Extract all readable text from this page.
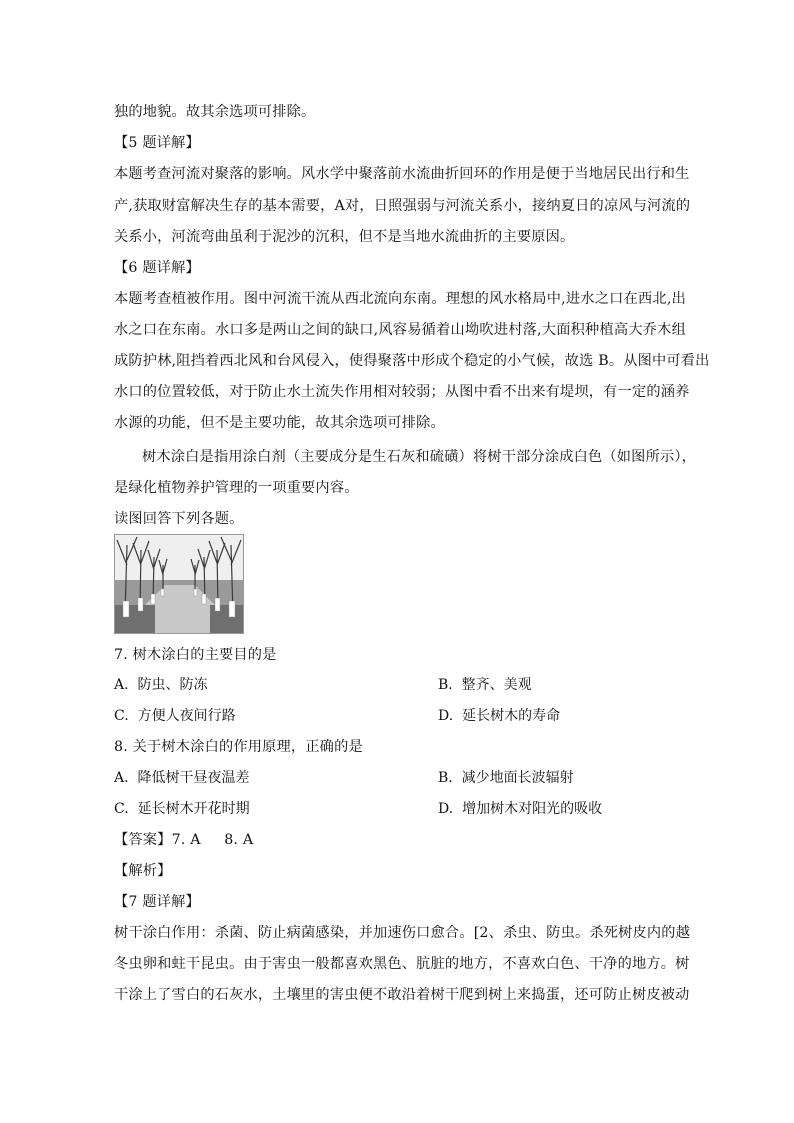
独的地貌。故其余选项可排除。
【5 题详解】
本题考查河流对聚落的影响。风水学中聚落前水流曲折回环的作用是便于当地居民出行和生
产,获取财富解决生存的基本需要，A对，日照强弱与河流关系小，接纳夏日的凉风与河流的
关系小，河流弯曲虽利于泥沙的沉积，但不是当地水流曲折的主要原因。
【6 题详解】
本题考查植被作用。图中河流干流从西北流向东南。理想的风水格局中,进水之口在西北,出
水之口在东南。水口多是两山之间的缺口,风容易循着山坳吹进村落,大面积种植高大乔木组
成防护林,阻挡着西北风和台风侵入，使得聚落中形成个稳定的小气候，故选 B。从图中可看出
水口的位置较低，对于防止水土流失作用相对较弱；从图中看不出来有堤坝，有一定的涵养
水源的功能，但不是主要功能，故其余选项可排除。
树木涂白是指用涂白剂（主要成分是生石灰和硫磺）将树干部分涂成白色（如图所示），
是绿化植物养护管理的一项重要内容。
读图回答下列各题。
7. 树木涂白的主要目的是
A. 防虫、防冻	B. 整齐、美观
C. 方便人夜间行路	D. 延长树木的寿命
8. 关于树木涂白的作用原理，正确的是
A. 降低树干昼夜温差	B. 减少地面长波辐射
C. 延长树木开花时期	D. 增加树木对阳光的吸收
【答案】7. A     8. A
【解析】
【7 题详解】
树干涂白作用：杀菌、防止病菌感染，并加速伤口愈合。[2、杀虫、防虫。杀死树皮内的越
冬虫卵和蛀干昆虫。由于害虫一般都喜欢黑色、肮脏的地方，不喜欢白色、干净的地方。树
干涂上了雪白的石灰水，土壤里的害虫便不敢沿着树干爬到树上来捣蛋，还可防止树皮被动
